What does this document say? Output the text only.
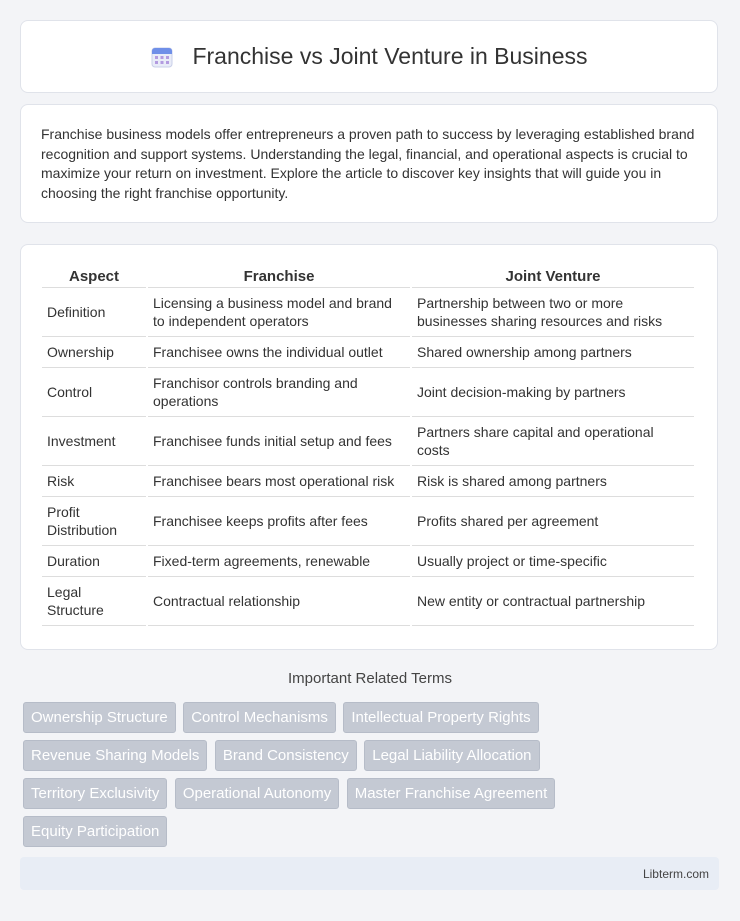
Franchise vs Joint Venture in Business

Franchise business models offer entrepreneurs a proven path to success by leveraging established brand recognition and support systems. Understanding the legal, financial, and operational aspects is crucial to maximize your return on investment. Explore the article to discover key insights that will guide you in choosing the right franchise opportunity.

Aspect	Franchise	Joint Venture
Definition	Licensing a business model and brand to independent operators	Partnership between two or more businesses sharing resources and risks
Ownership	Franchisee owns the individual outlet	Shared ownership among partners
Control	Franchisor controls branding and operations	Joint decision-making by partners
Investment	Franchisee funds initial setup and fees	Partners share capital and operational costs
Risk	Franchisee bears most operational risk	Risk is shared among partners
Profit Distribution	Franchisee keeps profits after fees	Profits shared per agreement
Duration	Fixed-term agreements, renewable	Usually project or time-specific
Legal Structure	Contractual relationship	New entity or contractual partnership
Important Related Terms
Ownership Structure Control Mechanisms Intellectual Property Rights Revenue Sharing Models Brand Consistency Legal Liability Allocation Territory Exclusivity Operational Autonomy Master Franchise Agreement Equity Participation
Libterm.com
